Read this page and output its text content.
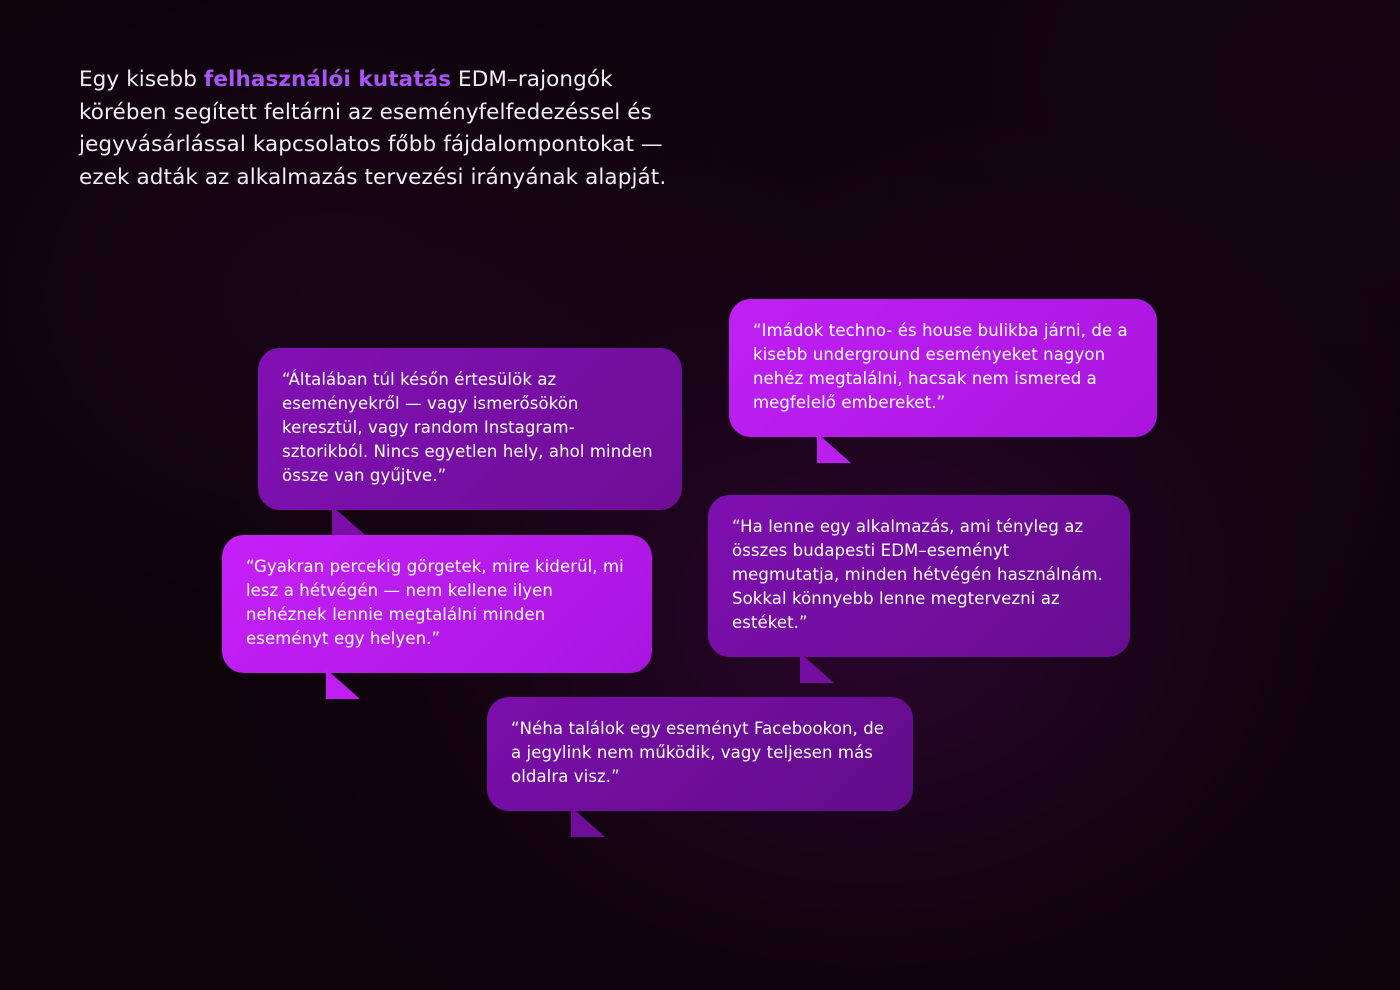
Egy kisebb felhasználói kutatás EDM–rajongók körében segített feltárni az eseményfelfedezéssel és jegyvásárlással kapcsolatos főbb fájdalompontokat — ezek adták az alkalmazás tervezési irányának alapját.
“Általában túl későn értesülök az eseményekről — vagy ismerősökön keresztül, vagy random Instagram-sztorikból. Nincs egyetlen hely, ahol minden össze van gyűjtve.”
“Imádok techno- és house bulikba járni, de a kisebb underground eseményeket nagyon nehéz megtalálni, hacsak nem ismered a megfelelő embereket.”
“Gyakran percekig görgetek, mire kiderül, mi lesz a hétvégén — nem kellene ilyen nehéznek lennie megtalálni minden eseményt egy helyen.”
“Ha lenne egy alkalmazás, ami tényleg az összes budapesti EDM–eseményt megmutatja, minden hétvégén használnám. Sokkal könnyebb lenne megtervezni az estéket.”
“Néha találok egy eseményt Facebookon, de a jegylink nem működik, vagy teljesen más oldalra visz.”
